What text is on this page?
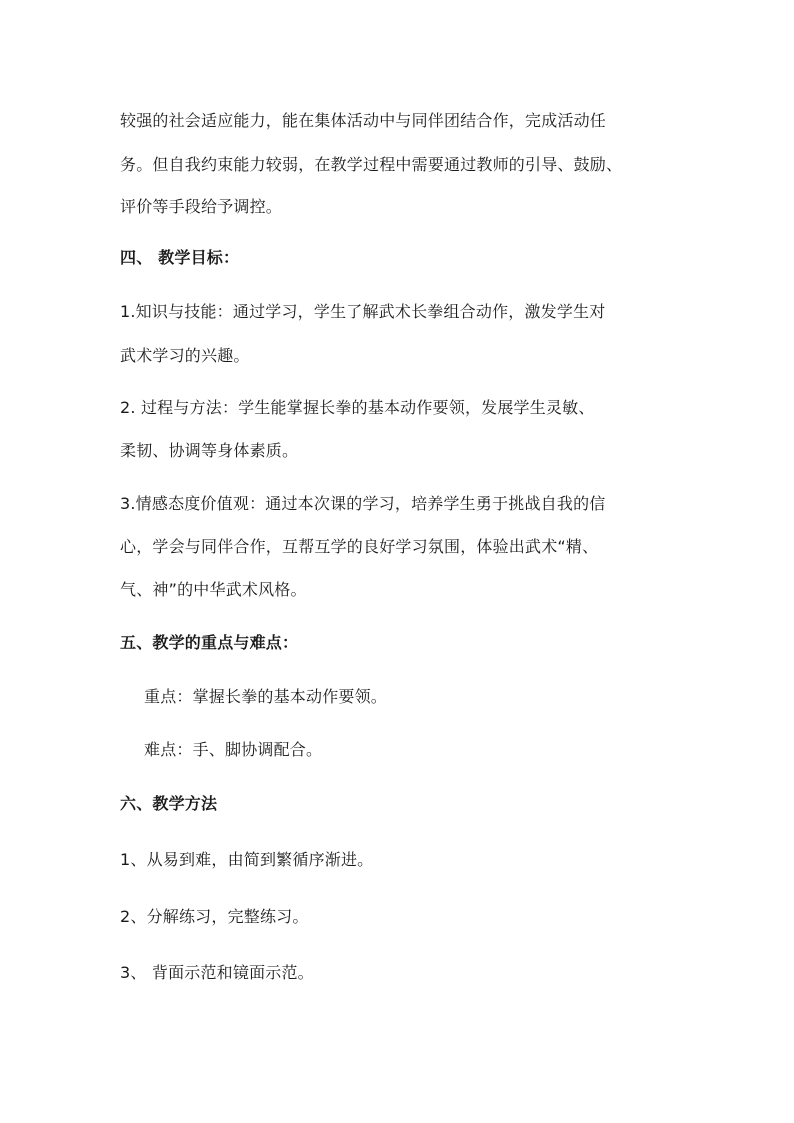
较强的社会适应能力，能在集体活动中与同伴团结合作，完成活动任
务。但自我约束能力较弱，在教学过程中需要通过教师的引导、鼓励、
评价等手段给予调控。
四、 教学目标：
1.知识与技能：通过学习，学生了解武术长拳组合动作，激发学生对
武术学习的兴趣。
2. 过程与方法：学生能掌握长拳的基本动作要领，发展学生灵敏、
柔韧、协调等身体素质。
3.情感态度价值观：通过本次课的学习，培养学生勇于挑战自我的信
心，学会与同伴合作，互帮互学的良好学习氛围，体验出武术“精、
气、神”的中华武术风格。
五、教学的重点与难点：
重点：掌握长拳的基本动作要领。
难点：手、脚协调配合。
六、教学方法
1、从易到难，由简到繁循序渐进。
2、分解练习，完整练习。
3、 背面示范和镜面示范。
